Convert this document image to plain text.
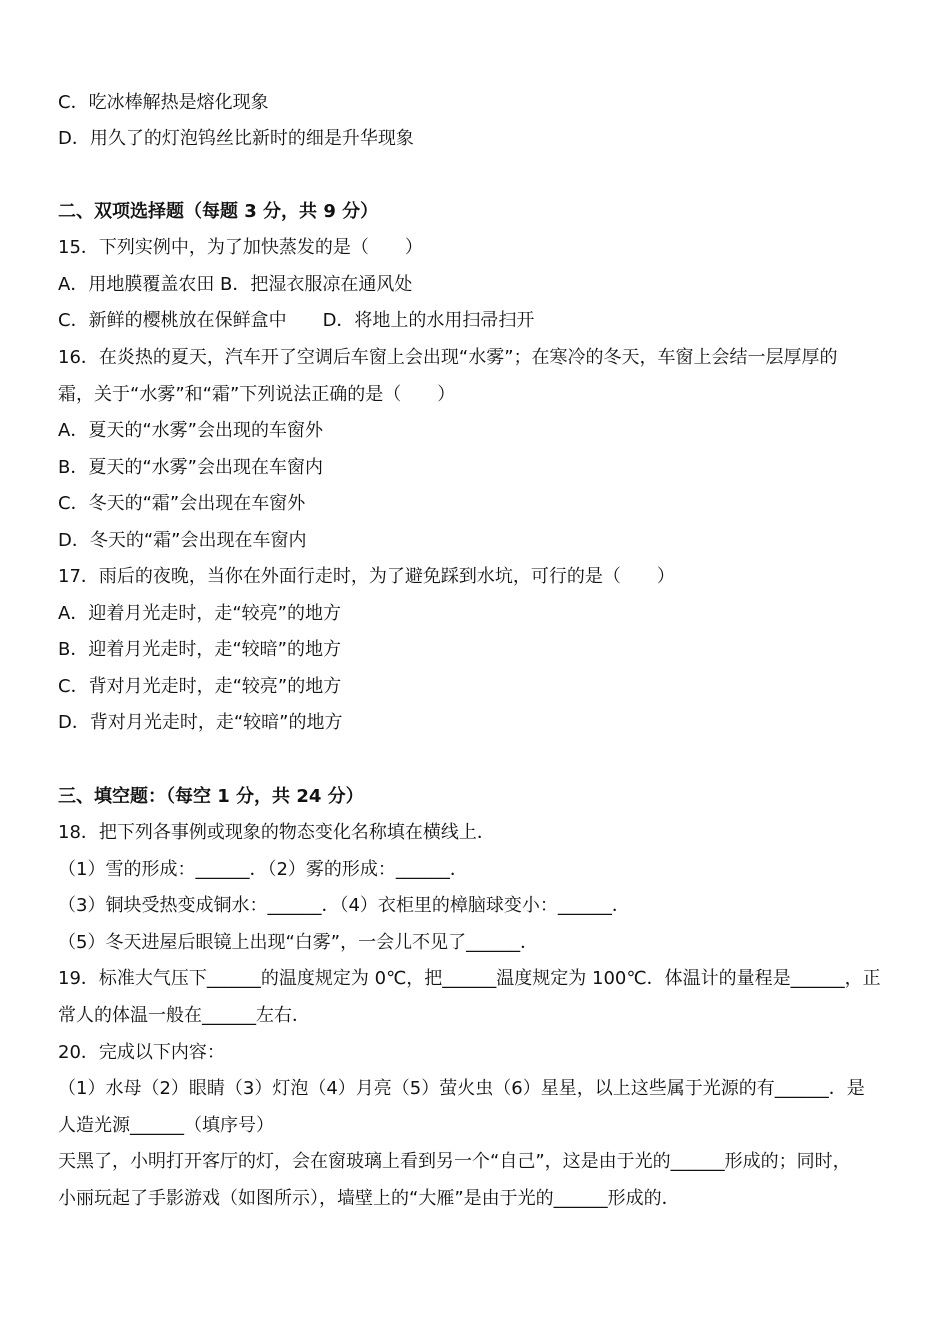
C．吃冰棒解热是熔化现象
D．用久了的灯泡钨丝比新时的细是升华现象
二、双项选择题（每题 3 分，共 9 分）
15．下列实例中，为了加快蒸发的是（　　）
A．用地膜覆盖农田 B．把湿衣服凉在通风处
C．新鲜的樱桃放在保鲜盒中　　D．将地上的水用扫帚扫开
16．在炎热的夏天，汽车开了空调后车窗上会出现“水雾”；在寒冷的冬天，车窗上会结一层厚厚的
霜，关于“水雾”和“霜”下列说法正确的是（　　）
A．夏天的“水雾”会出现的车窗外
B．夏天的“水雾”会出现在车窗内
C．冬天的“霜”会出现在车窗外
D．冬天的“霜”会出现在车窗内
17．雨后的夜晚，当你在外面行走时，为了避免踩到水坑，可行的是（　　）
A．迎着月光走时，走“较亮”的地方
B．迎着月光走时，走“较暗”的地方
C．背对月光走时，走“较亮”的地方
D．背对月光走时，走“较暗”的地方
三、填空题：（每空 1 分，共 24 分）
18．把下列各事例或现象的物态变化名称填在横线上．
（1）雪的形成：______．（2）雾的形成：______．
（3）铜块受热变成铜水：______．（4）衣柜里的樟脑球变小：______．
（5）冬天进屋后眼镜上出现“白雾”，一会儿不见了______．
19．标准大气压下______的温度规定为 0℃，把______温度规定为 100℃．体温计的量程是______，正
常人的体温一般在______左右．
20．完成以下内容：
（1）水母（2）眼睛（3）灯泡（4）月亮（5）萤火虫（6）星星，以上这些属于光源的有______．是
人造光源______（填序号）
天黑了，小明打开客厅的灯，会在窗玻璃上看到另一个“自己”，这是由于光的______形成的；同时，
小丽玩起了手影游戏（如图所示），墙壁上的“大雁”是由于光的______形成的．
